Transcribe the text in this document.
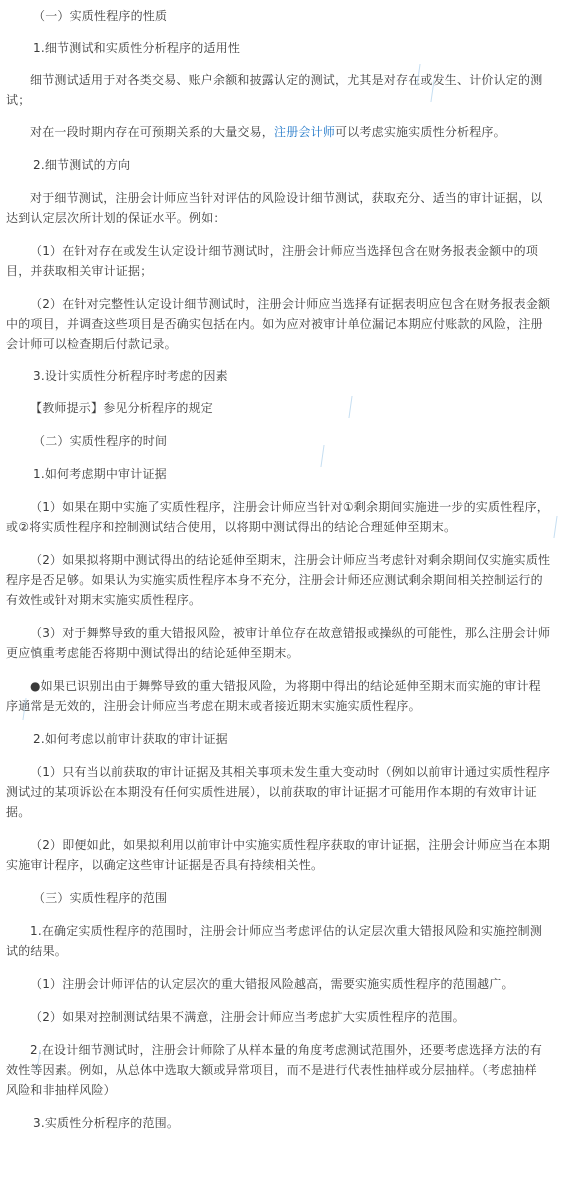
（一）实质性程序的性质
1.细节测试和实质性分析程序的适用性
细节测试适用于对各类交易、账户余额和披露认定的测试，尤其是对存在或发生、计价认定的测
试；
对在一段时期内存在可预期关系的大量交易，注册会计师可以考虑实施实质性分析程序。
2.细节测试的方向
对于细节测试，注册会计师应当针对评估的风险设计细节测试，获取充分、适当的审计证据，以
达到认定层次所计划的保证水平。例如：
（1）在针对存在或发生认定设计细节测试时，注册会计师应当选择包含在财务报表金额中的项
目，并获取相关审计证据；
（2）在针对完整性认定设计细节测试时，注册会计师应当选择有证据表明应包含在财务报表金额
中的项目，并调查这些项目是否确实包括在内。如为应对被审计单位漏记本期应付账款的风险，注册
会计师可以检查期后付款记录。
3.设计实质性分析程序时考虑的因素
【教师提示】参见分析程序的规定
（二）实质性程序的时间
1.如何考虑期中审计证据
（1）如果在期中实施了实质性程序，注册会计师应当针对①剩余期间实施进一步的实质性程序，
或②将实质性程序和控制测试结合使用，以将期中测试得出的结论合理延伸至期末。
（2）如果拟将期中测试得出的结论延伸至期末，注册会计师应当考虑针对剩余期间仅实施实质性
程序是否足够。如果认为实施实质性程序本身不充分，注册会计师还应测试剩余期间相关控制运行的
有效性或针对期末实施实质性程序。
（3）对于舞弊导致的重大错报风险，被审计单位存在故意错报或操纵的可能性，那么注册会计师
更应慎重考虑能否将期中测试得出的结论延伸至期末。
●如果已识别出由于舞弊导致的重大错报风险，为将期中得出的结论延伸至期末而实施的审计程
序通常是无效的，注册会计师应当考虑在期末或者接近期末实施实质性程序。
2.如何考虑以前审计获取的审计证据
（1）只有当以前获取的审计证据及其相关事项未发生重大变动时（例如以前审计通过实质性程序
测试过的某项诉讼在本期没有任何实质性进展），以前获取的审计证据才可能用作本期的有效审计证
据。
（2）即便如此，如果拟利用以前审计中实施实质性程序获取的审计证据，注册会计师应当在本期
实施审计程序，以确定这些审计证据是否具有持续相关性。
（三）实质性程序的范围
1.在确定实质性程序的范围时，注册会计师应当考虑评估的认定层次重大错报风险和实施控制测
试的结果。
（1）注册会计师评估的认定层次的重大错报风险越高，需要实施实质性程序的范围越广。
（2）如果对控制测试结果不满意，注册会计师应当考虑扩大实质性程序的范围。
2.在设计细节测试时，注册会计师除了从样本量的角度考虑测试范围外，还要考虑选择方法的有
效性等因素。例如，从总体中选取大额或异常项目，而不是进行代表性抽样或分层抽样。（考虑抽样
风险和非抽样风险）
3.实质性分析程序的范围。
